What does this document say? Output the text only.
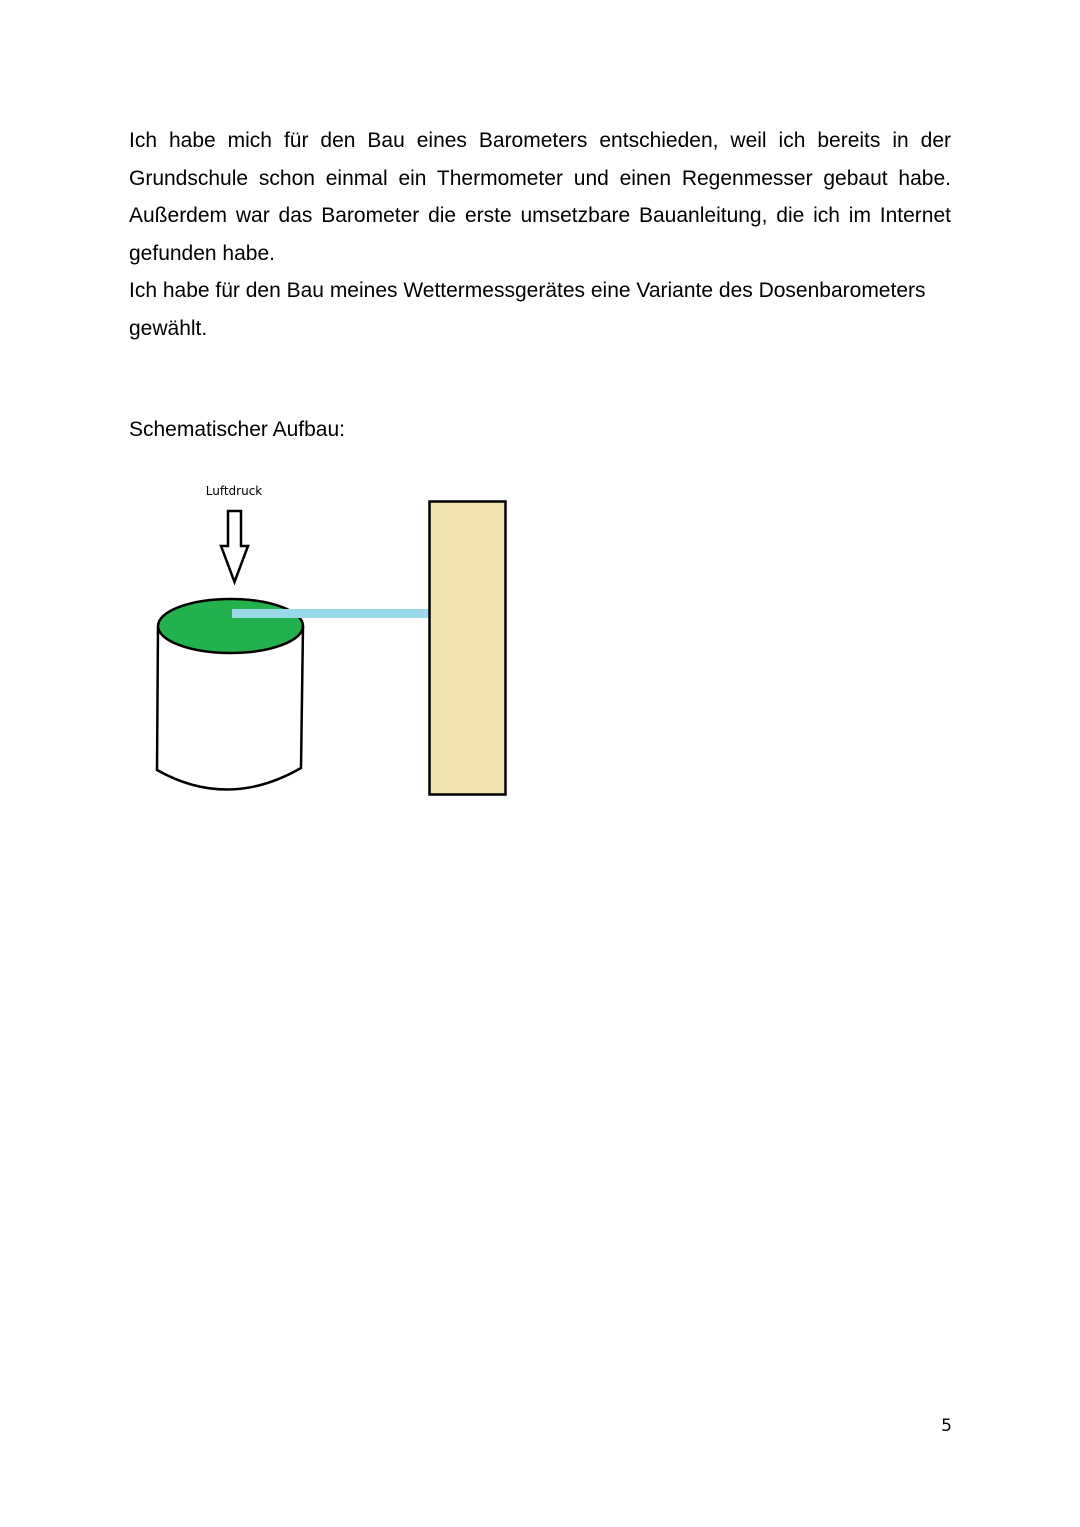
Ich habe mich für den Bau eines Barometers entschieden, weil ich bereits in der Grundschule schon einmal ein Thermometer und einen Regenmesser gebaut habe. Außerdem war das Barometer die erste umsetzbare Bauanleitung, die ich im Internet gefunden habe.

Ich habe für den Bau meines Wettermessgerätes eine Variante des Dosenbarometers gewählt.

Schematischer Aufbau:

Luftdruck
5
